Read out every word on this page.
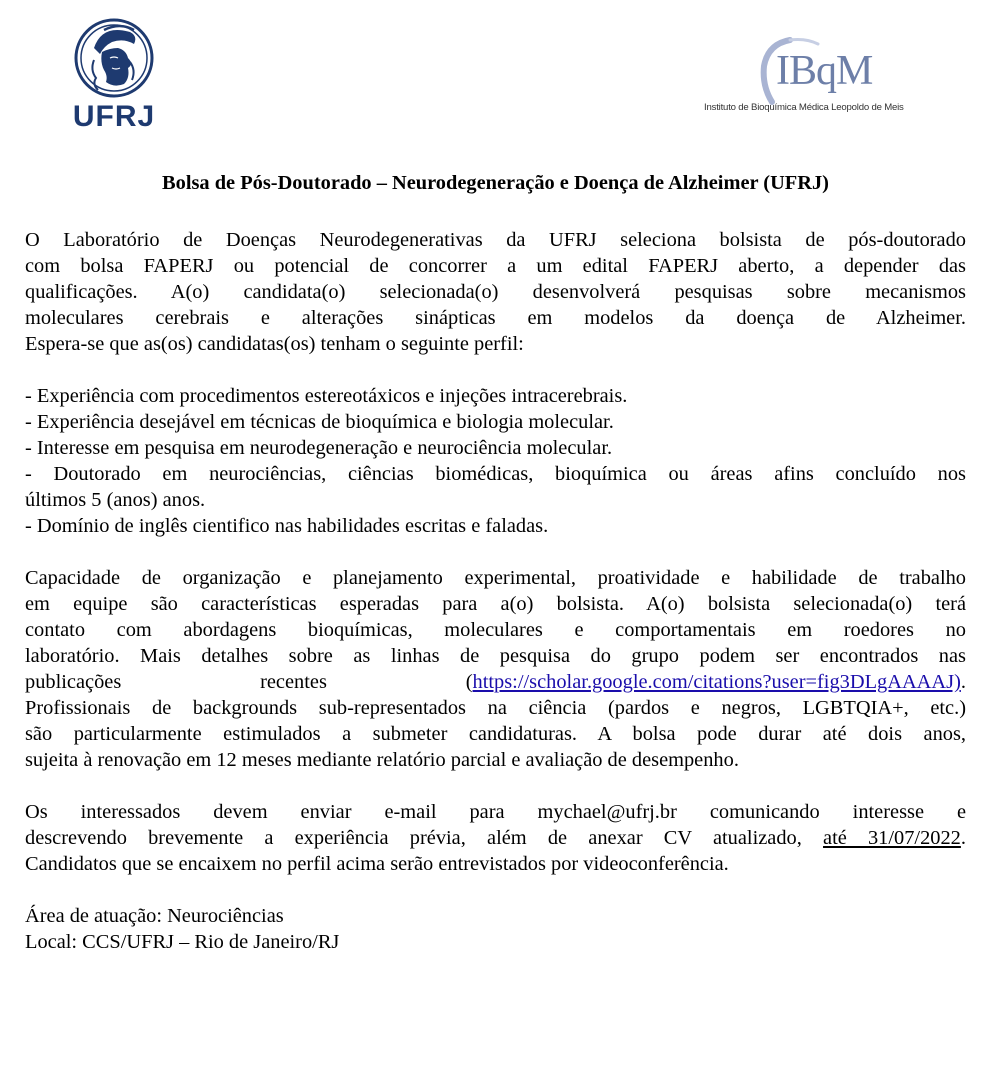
UFRJ
IBqM
Instituto de Bioquímica Médica Leopoldo de Meis
Bolsa de Pós-Doutorado – Neurodegeneração e Doença de Alzheimer (UFRJ)
O Laboratório de Doenças Neurodegenerativas da UFRJ seleciona bolsista de pós-doutorado
com bolsa FAPERJ ou potencial de concorrer a um edital FAPERJ aberto, a depender das
qualificações. A(o) candidata(o) selecionada(o) desenvolverá pesquisas sobre mecanismos
moleculares cerebrais e alterações sinápticas em modelos da doença de Alzheimer.
Espera-se que as(os) candidatas(os) tenham o seguinte perfil:
- Experiência com procedimentos estereotáxicos e injeções intracerebrais.
- Experiência desejável em técnicas de bioquímica e biologia molecular.
- Interesse em pesquisa em neurodegeneração e neurociência molecular.
- Doutorado em neurociências, ciências biomédicas, bioquímica ou áreas afins concluído nos
últimos 5 (anos) anos.
- Domínio de inglês cientifico nas habilidades escritas e faladas.
Capacidade de organização e planejamento experimental, proatividade e habilidade de trabalho
em equipe são características esperadas para a(o) bolsista. A(o) bolsista selecionada(o) terá
contato com abordagens bioquímicas, moleculares e comportamentais em roedores no
laboratório. Mais detalhes sobre as linhas de pesquisa do grupo podem ser encontrados nas
publicações	recentes	(https://scholar.google.com/citations?user=fig3DLgAAAAJ).
Profissionais de backgrounds sub-representados na ciência (pardos e negros, LGBTQIA+, etc.)
são particularmente estimulados a submeter candidaturas. A bolsa pode durar até dois anos,
sujeita à renovação em 12 meses mediante relatório parcial e avaliação de desempenho.
Os interessados devem enviar e-mail para mychael@ufrj.br comunicando interesse e
descrevendo brevemente a experiência prévia, além de anexar CV atualizado, até 31/07/2022.
Candidatos que se encaixem no perfil acima serão entrevistados por videoconferência.
Área de atuação: Neurociências
Local: CCS/UFRJ – Rio de Janeiro/RJ
